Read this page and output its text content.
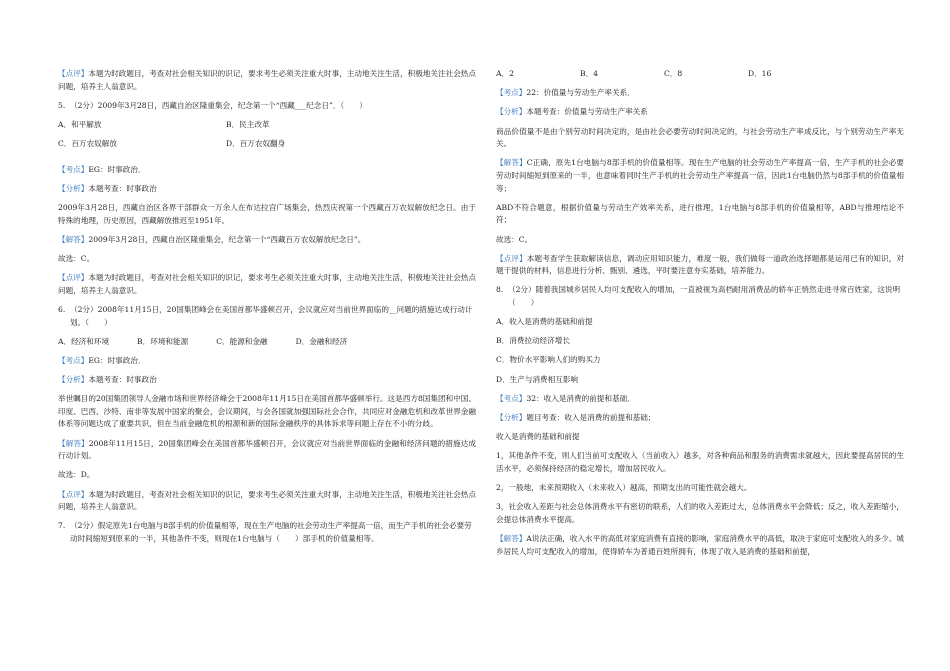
【点评】本题为时政题目，考查对社会相关知识的识记，要求考生必须关注重大时事，主动地关注生活，积极地关注社会热点问题，培养主人翁意识。

5. （2分）2009年3月28日，西藏自治区隆重集会，纪念第一个“西藏___纪念日”．（　　）
A．和平解放	B．民主改革
C．百万农奴解放	D．百万农奴翻身

【考点】EG：时事政治．

【分析】本题考查：时事政治

2009年3月28日，西藏自治区各界干部群众一万余人在布达拉宫广场集会，热烈庆祝第一个西藏百万农奴解放纪念日。由于特殊的地理，历史原因，西藏解放推迟至1951年。

【解答】2009年3月28日，西藏自治区隆重集会，纪念第一个“西藏百万农奴解放纪念日”。

故选：C。

【点评】本题为时政题目，考查对社会相关知识的识记，要求考生必须关注重大时事，主动地关注生活，积极地关注社会热点问题，培养主人翁意识。

6. （2分）2008年11月15日，20国集团峰会在美国首都华盛顿召开，会议就应对当前世界面临的__问题的措施达成行动计划。（　　）
A．经济和环境	B．环境和能源	C．能源和金融	D．金融和经济

【考点】EG：时事政治．

【分析】本题考查：时事政治

举世瞩目的20国集团领导人金融市场和世界经济峰会于2008年11月15日在美国首都华盛顿举行。这是西方8国集团和中国、印度、巴西、沙特、南非等发展中国家的聚会，会议期间，与会各国就加强国际社会合作，共同应对金融危机和改革世界金融体系等问题达成了重要共识，但在当前金融危机的根源和新的国际金融秩序的具体诉求等问题上存在不小的分歧。

【解答】2008年11月15日，20国集团峰会在美国首都华盛顿召开，会议就应对当前世界面临的金融和经济问题的措施达成行动计划。

故选：D。

【点评】本题为时政题目，考查对社会相关知识的识记，要求考生必须关注重大时事，主动地关注生活，积极地关注社会热点问题，培养主人翁意识。

7. （2分）假定原先1台电脑与8部手机的价值量相等，现在生产电脑的社会劳动生产率提高一倍，而生产手机的社会必要劳动时间缩短到原来的一半，其他条件不变，则现在1台电脑与（　　）部手机的价值量相等。
A．2	B．4	C．8	D．16

【考点】22：价值量与劳动生产率关系．

【分析】本题考查：价值量与劳动生产率关系

商品价值量不是由个别劳动时间决定的，是由社会必要劳动时间决定的，与社会劳动生产率成反比，与个别劳动生产率无关。

【解答】C正确，原先1台电脑与8部手机的价值量相等。现在生产电脑的社会劳动生产率提高一倍，生产手机的社会必要劳动时间缩短到原来的一半，也意味着同时生产手机的社会劳动生产率提高一倍，因此1台电脑仍然与8部手机的价值量相等；

ABD不符合题意，根据价值量与劳动生产效率关系，进行推理，1台电脑与8部手机的价值量相等，ABD与推理结论不符；

故选：C。

【点评】本题考查学生获取解读信息，调动应用知识能力，难度一般，我们做每一道政治选择题都是运用已有的知识，对题干提供的材料，信息进行分析、甄别、遴选，平时要注意夯实基础，培养能力。

8. （2分）随着我国城乡居民人均可支配收入的增加，一直被视为高档耐用消费品的轿车正悄然走进寻常百姓家，这说明（　　）
A．收入是消费的基础和前提
B．消费拉动经济增长
C．物价水平影响人们的购买力
D．生产与消费相互影响

【考点】32：收入是消费的前提和基础．

【分析】题目考查：收入是消费的前提和基础；

收入是消费的基础和前提

1，其他条件不变，则人们当前可支配收入（当前收入）越多，对各种商品和服务的消费需求就越大，因此要提高居民的生活水平，必须保持经济的稳定增长，增加居民收入。

2，一般地，未来预期收入（未来收入）越高，预期支出的可能性就会越大。

3，社会收入差距与社会总体消费水平有密切的联系，人们的收入差距过大，总体消费水平会降低；反之，收入差距缩小，会提总体消费水平提高。

【解答】A说法正确，收入水平的高低对家庭消费有直接的影响，家庭消费水平的高低，取决于家庭可支配收入的多少。城乡居民人均可支配收入的增加，使得轿车为普通百姓所拥有，体现了收入是消费的基础和前提，
